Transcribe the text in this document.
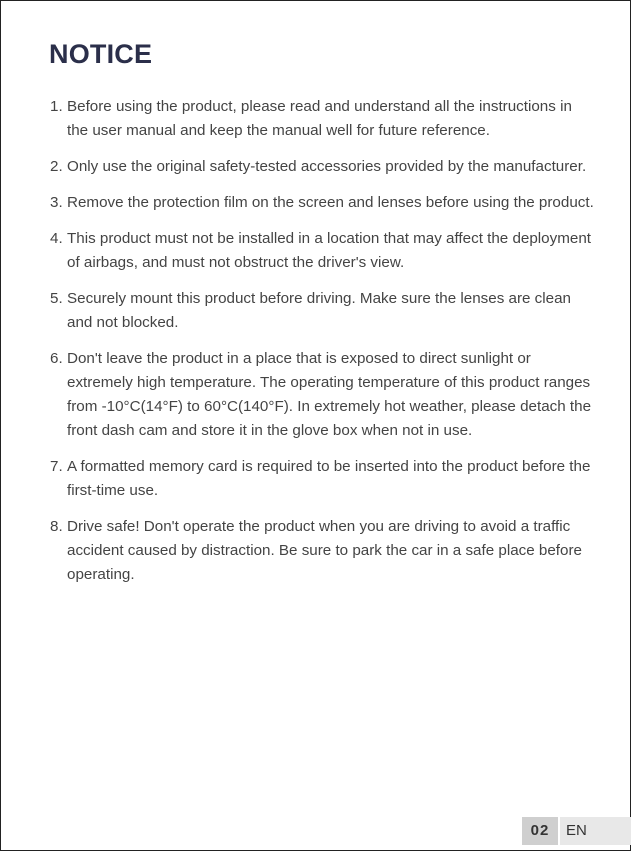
NOTICE
1. Before using the product, please read and understand all the instructions in the user manual and keep the manual well for future reference.
2. Only use the original safety-tested accessories provided by the manufacturer.
3. Remove the protection film on the screen and lenses before using the product.
4. This product must not be installed in a location that may affect the deployment of airbags, and must not obstruct the driver's view.
5. Securely mount this product before driving. Make sure the lenses are clean and not blocked.
6. Don't leave the product in a place that is exposed to direct sunlight or extremely high temperature. The operating temperature of this product ranges from -10°C(14°F) to 60°C(140°F). In extremely hot weather, please detach the front dash cam and store it in the glove box when not in use.
7. A formatted memory card is required to be inserted into the product before the first-time use.
8. Drive safe! Don't operate the product when you are driving to avoid a traffic accident caused by distraction. Be sure to park the car in a safe place before operating.
02	EN
